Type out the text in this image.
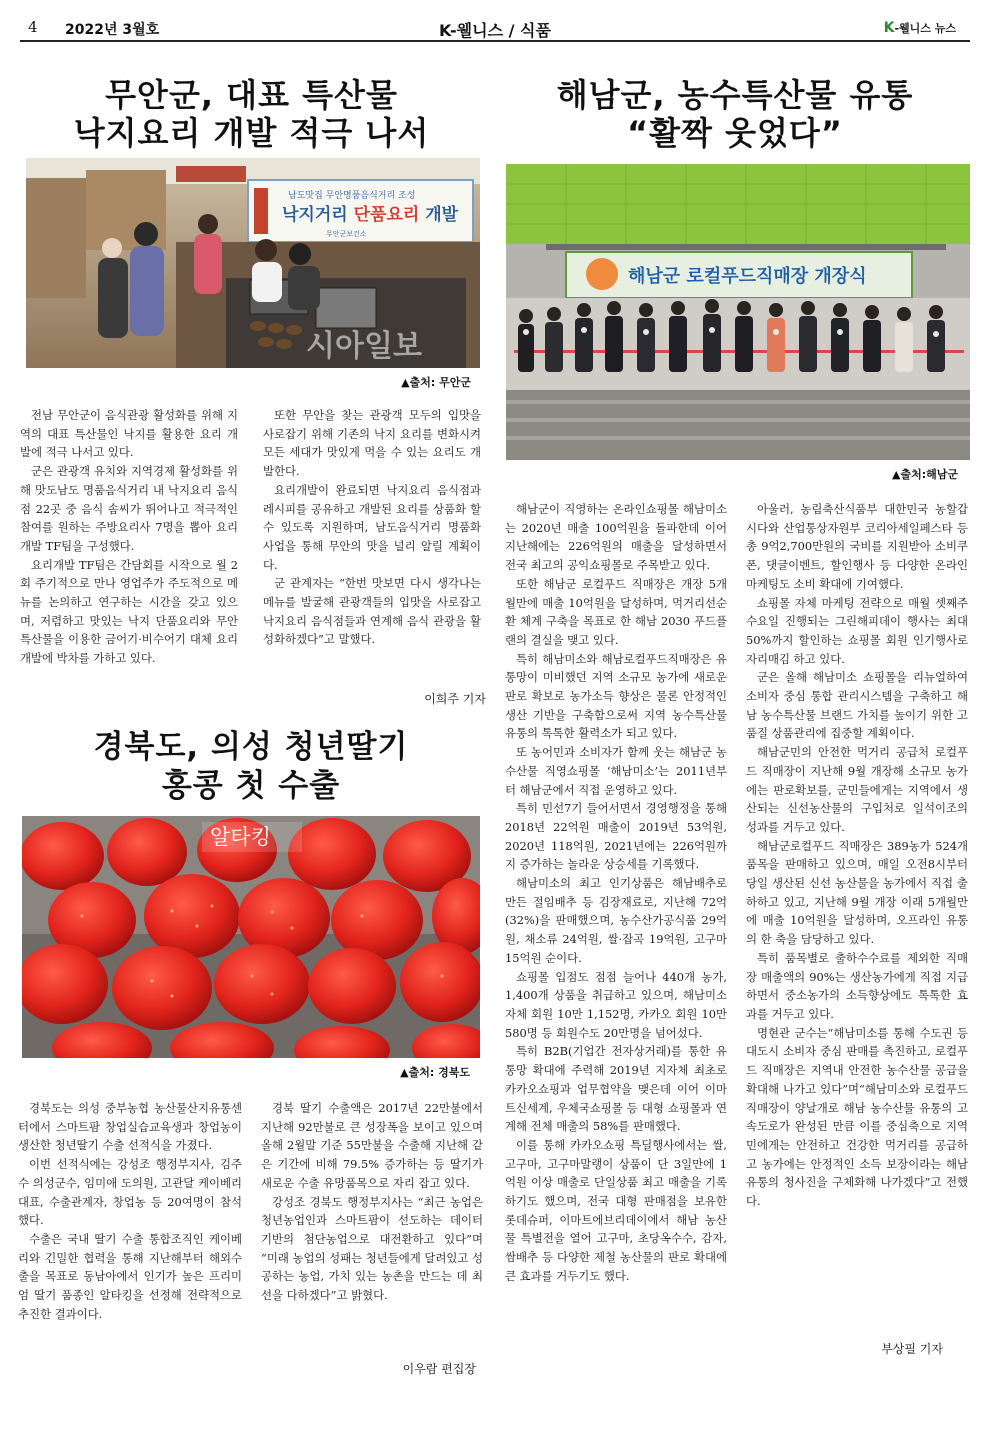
4 2022년 3월호	K-웰니스 / 식품	K-웰니스 뉴스
무안군, 대표 특산물
낙지요리 개발 적극 나서
남도맛집 무안명품음식거리 조성
낙지거리 단품요리 개발
무안군보건소
시아일보
▲출처: 무안군

전남 무안군이 음식관광 활성화를 위해 지역의 대표 특산물인 낙지를 활용한 요리 개발에 적극 나서고 있다.

군은 관광객 유치와 지역경제 활성화를 위해 맛도남도 명품음식거리 내 낙지요리 음식점 22곳 중 음식 솜씨가 뛰어나고 적극적인 참여를 원하는 주방요리사 7명을 뽑아 요리개발 TF팀을 구성했다.

요리개발 TF팀은 간담회를 시작으로 월 2회 주기적으로 만나 영업주가 주도적으로 메뉴를 논의하고 연구하는 시간을 갖고 있으며, 저렴하고 맛있는 낙지 단품요리와 무안 특산물을 이용한 금어기·비수어기 대체 요리 개발에 박차를 가하고 있다.

또한 무안을 찾는 관광객 모두의 입맛을 사로잡기 위해 기존의 낙지 요리를 변화시켜 모든 세대가 맛있게 먹을 수 있는 요리도 개발한다.

요리개발이 완료되면 낙지요리 음식점과 레시피를 공유하고 개발된 요리를 상품화 할 수 있도록 지원하며, 남도음식거리 명품화 사업을 통해 무안의 맛을 널리 알릴 계획이다.

군 관계자는 “한번 맛보면 다시 생각나는 메뉴를 발굴해 관광객들의 입맛을 사로잡고 낙지요리 음식점들과 연계해 음식 관광을 활성화하겠다”고 말했다.

이희주 기자
경북도, 의성 청년딸기
홍콩 첫 수출
알타킹
▲출처: 경북도

경북도는 의성 중부농협 농산물산지유통센터에서 스마트팜 창업실습교육생과 창업농이 생산한 청년딸기 수출 선적식을 가졌다.

이번 선적식에는 강성조 행정부지사, 김주수 의성군수, 임미애 도의원, 고관달 케이베리대표, 수출관계자, 창업농 등 20여명이 참석했다.

수출은 국내 딸기 수출 통합조직인 케이베리와 긴밀한 협력을 통해 지난해부터 해외수출을 목표로 동남아에서 인기가 높은 프리미엄 딸기 품종인 알타킹을 선정해 전략적으로 추진한 결과이다.

경북 딸기 수출액은 2017년 22만불에서 지난해 92만불로 큰 성장폭을 보이고 있으며 올해 2월말 기준 55만불을 수출해 지난해 같은 기간에 비해 79.5% 증가하는 등 딸기가 새로운 수출 유망품목으로 자리 잡고 있다.

강성조 경북도 행정부지사는 “최근 농업은 청년농업인과 스마트팜이 선도하는 데이터 기반의 첨단농업으로 대전환하고 있다”며 “미래 농업의 성패는 청년들에게 달려있고 성공하는 농업, 가치 있는 농촌을 만드는 데 최선을 다하겠다”고 밝혔다.

이우람 편집장
해남군, 농수특산물 유통
“활짝 웃었다”
해남군 로컬푸드직매장 개장식
▲출처:해남군

해남군이 직영하는 온라인쇼핑몰 해남미소는 2020년 매출 100억원을 돌파한데 이어 지난해에는 226억원의 매출을 달성하면서 전국 최고의 공익쇼핑몰로 주목받고 있다.

또한 해남군 로컬푸드 직매장은 개장 5개월만에 매출 10억원을 달성하며, 먹거리선순환 체계 구축을 목표로 한 해남 2030 푸드플랜의 결실을 맺고 있다.

특히 해남미소와 해남로컬푸드직매장은 유통망이 미비했던 지역 소규모 농가에 새로운 판로 확보로 농가소득 향상은 물론 안정적인 생산 기반을 구축함으로써 지역 농수특산물 유통의 톡톡한 활력소가 되고 있다.

또 농어민과 소비자가 함께 웃는 해남군 농수산물 직영쇼핑몰 ‘해남미소’는 2011년부터 해남군에서 직접 운영하고 있다.

특히 민선7기 들어서면서 경영행정을 통해 2018년 22억원 매출이 2019년 53억원, 2020년 118억원, 2021년에는 226억원까지 증가하는 놀라운 상승세를 기록했다.

해남미소의 최고 인기상품은 해남배추로 만든 절임배추 등 김장재료로, 지난해 72억(32%)을 판매했으며, 농수산가공식품 29억원, 채소류 24억원, 쌀·잡곡 19억원, 고구마 15억원 순이다.

쇼핑몰 입점도 점점 늘어나 440개 농가, 1,400개 상품을 취급하고 있으며, 해남미소 자체 회원 10만 1,152명, 카카오 회원 10만 580명 등 회원수도 20만명을 넘어섰다.

특히 B2B(기업간 전자상거래)를 통한 유통망 확대에 주력해 2019년 지자체 최초로 카카오쇼핑과 업무협약을 맺은데 이어 이마트신세계, 우체국쇼핑몰 등 대형 쇼핑몰과 연계해 전체 매출의 58%를 판매했다.

이를 통해 카카오쇼핑 특딜행사에서는 쌀, 고구마, 고구마말랭이 상품이 단 3일만에 1억원 이상 매출로 단일상품 최고 매출을 기록하기도 했으며, 전국 대형 판매점을 보유한 롯데슈퍼, 이마트에브리데이에서 해남 농산물 특별전을 열어 고구마, 초당옥수수, 감자, 쌈배추 등 다양한 제철 농산물의 판로 확대에 큰 효과를 거두기도 했다.

아울러, 농림축산식품부 대한민국 농할갑시다와 산업통상자원부 코리아세일페스타 등 총 9억2,700만원의 국비를 지원받아 소비쿠폰, 댓글이벤트, 할인행사 등 다양한 온라인 마케팅도 소비 확대에 기여했다.

쇼핑몰 자체 마케팅 전략으로 매월 셋째주 수요일 진행되는 그린해피데이 행사는 최대 50%까지 할인하는 쇼핑몰 회원 인기행사로 자리매김 하고 있다.

군은 올해 해남미소 쇼핑몰을 리뉴얼하여 소비자 중심 통합 관리시스템을 구축하고 해남 농수특산물 브랜드 가치를 높이기 위한 고품질 상품관리에 집중할 계획이다.

해남군민의 안전한 먹거리 공급처 로컬푸드 직매장이 지난해 9월 개장해 소규모 농가에는 판로확보를, 군민들에게는 지역에서 생산되는 신선농산물의 구입처로 일석이조의 성과를 거두고 있다.

해남군로컬푸드 직매장은 389농가 524개 품목을 판매하고 있으며, 매일 오전8시부터 당일 생산된 신선 농산물을 농가에서 직접 출하하고 있고, 지난해 9월 개장 이래 5개월만에 매출 10억원을 달성하며, 오프라인 유통의 한 축을 담당하고 있다.

특히 품목별로 출하수수료를 제외한 직매장 매출액의 90%는 생산농가에게 직접 지급하면서 중소농가의 소득향상에도 톡톡한 효과를 거두고 있다.

명현관 군수는“해남미소를 통해 수도권 등 대도시 소비자 중심 판매를 촉진하고, 로컬푸드 직매장은 지역내 안전한 농수산물 공급을 확대해 나가고 있다”며“해남미소와 로컬푸드 직매장이 양날개로 해남 농수산물 유통의 고속도로가 완성된 만큼 이를 중심축으로 지역민에게는 안전하고 건강한 먹거리를 공급하고 농가에는 안정적인 소득 보장이라는 해남 유통의 청사진을 구체화해 나가겠다”고 전했다.

부상필 기자
